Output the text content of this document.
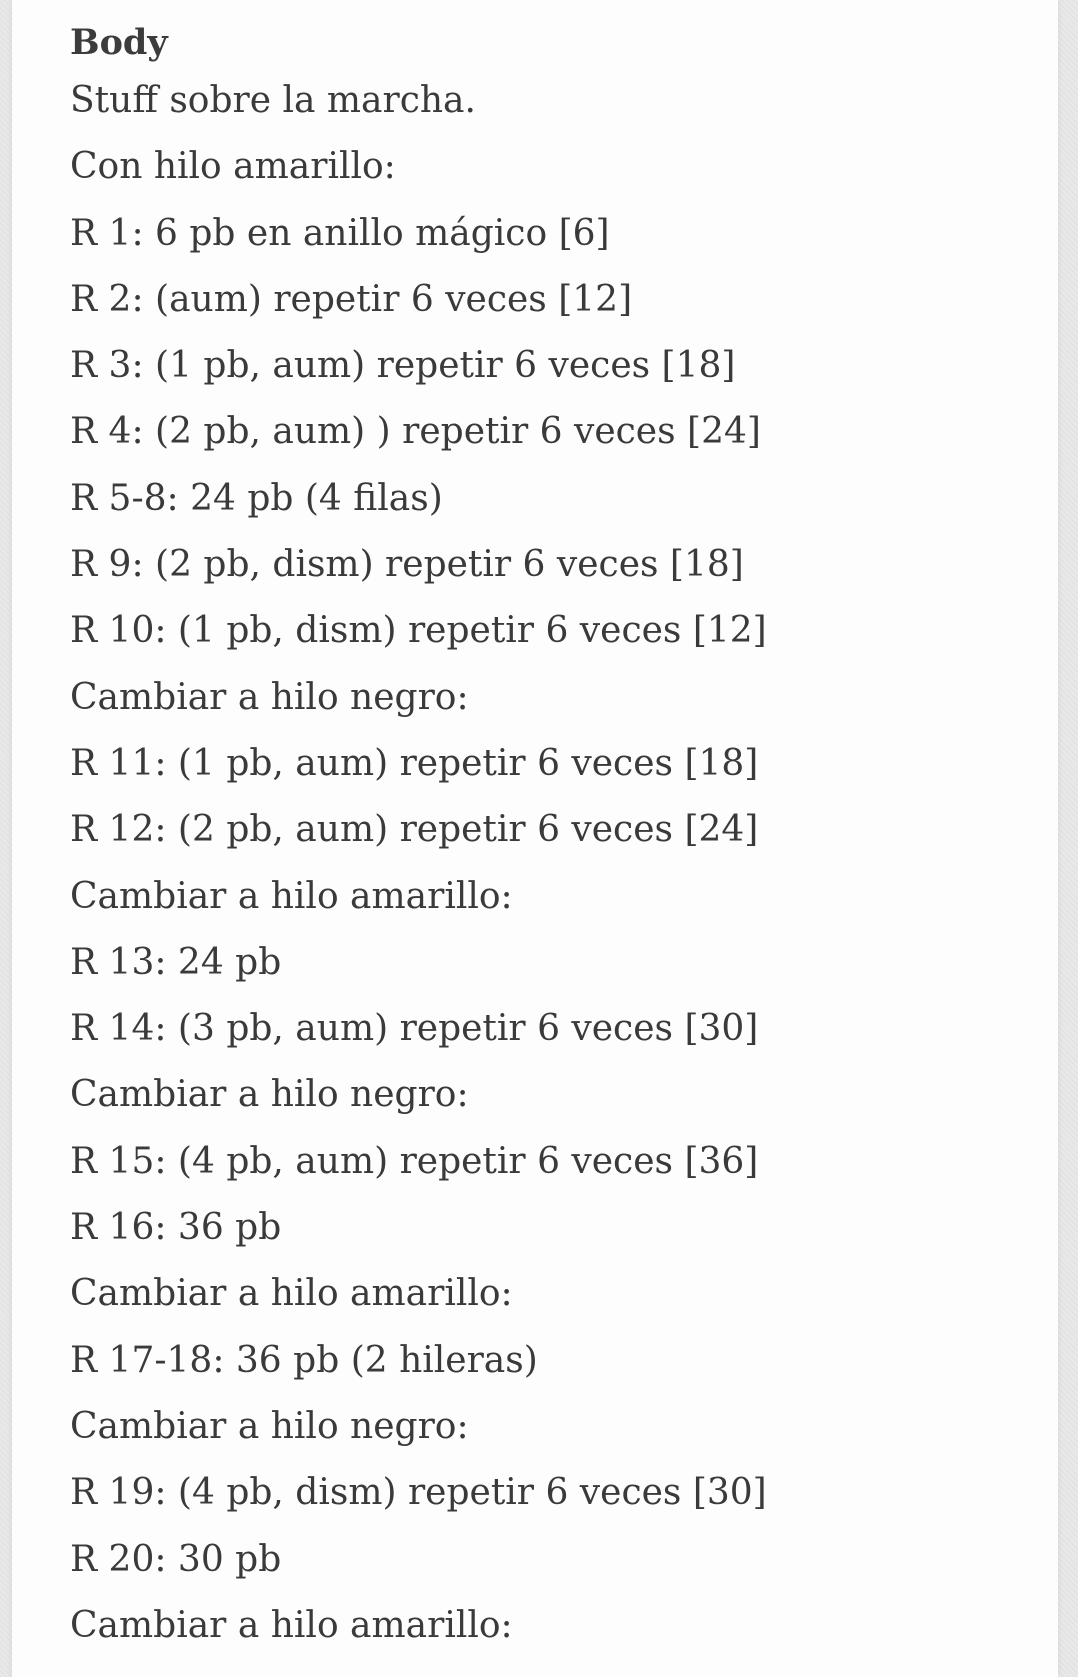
Body
Stuff sobre la marcha.
Con hilo amarillo:
R 1: 6 pb en anillo mágico [6]
R 2: (aum) repetir 6 veces [12]
R 3: (1 pb, aum) repetir 6 veces [18]
R 4: (2 pb, aum) ) repetir 6 veces [24]
R 5-8: 24 pb (4 filas)
R 9: (2 pb, dism) repetir 6 veces [18]
R 10: (1 pb, dism) repetir 6 veces [12]
Cambiar a hilo negro:
R 11: (1 pb, aum) repetir 6 veces [18]
R 12: (2 pb, aum) repetir 6 veces [24]
Cambiar a hilo amarillo:
R 13: 24 pb
R 14: (3 pb, aum) repetir 6 veces [30]
Cambiar a hilo negro:
R 15: (4 pb, aum) repetir 6 veces [36]
R 16: 36 pb
Cambiar a hilo amarillo:
R 17-18: 36 pb (2 hileras)
Cambiar a hilo negro:
R 19: (4 pb, dism) repetir 6 veces [30]
R 20: 30 pb
Cambiar a hilo amarillo:
